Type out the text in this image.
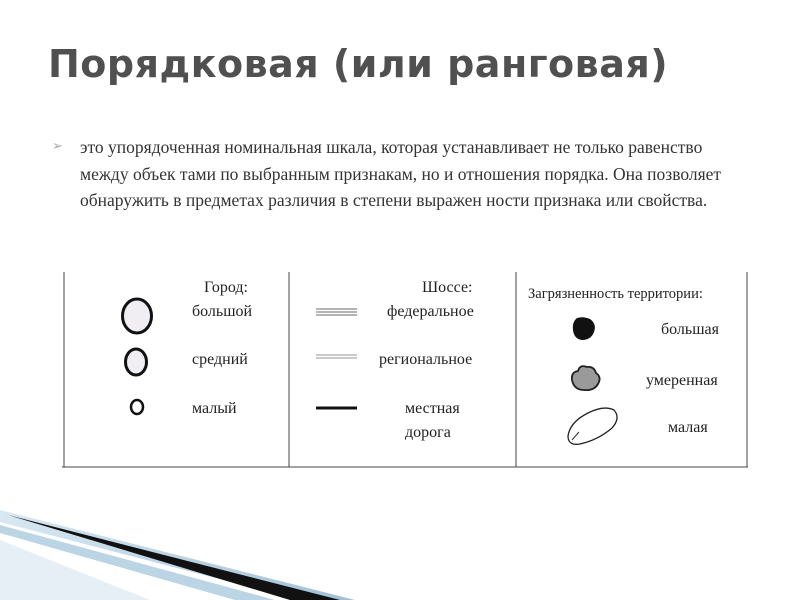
Порядковая (или ранговая)
➢ это упорядоченная номинальная шкала, которая устанавливает не только равенство между объек тами по выбранным признакам, но и отношения порядка. Она позволяет обнаружить в предметах различия в степени выражен ности признака или свойства.
Город:
большой
средний
малый
Шоссе:
федеральное
региональное
местная
дорога
Загрязненность территории:
большая
умеренная
малая
